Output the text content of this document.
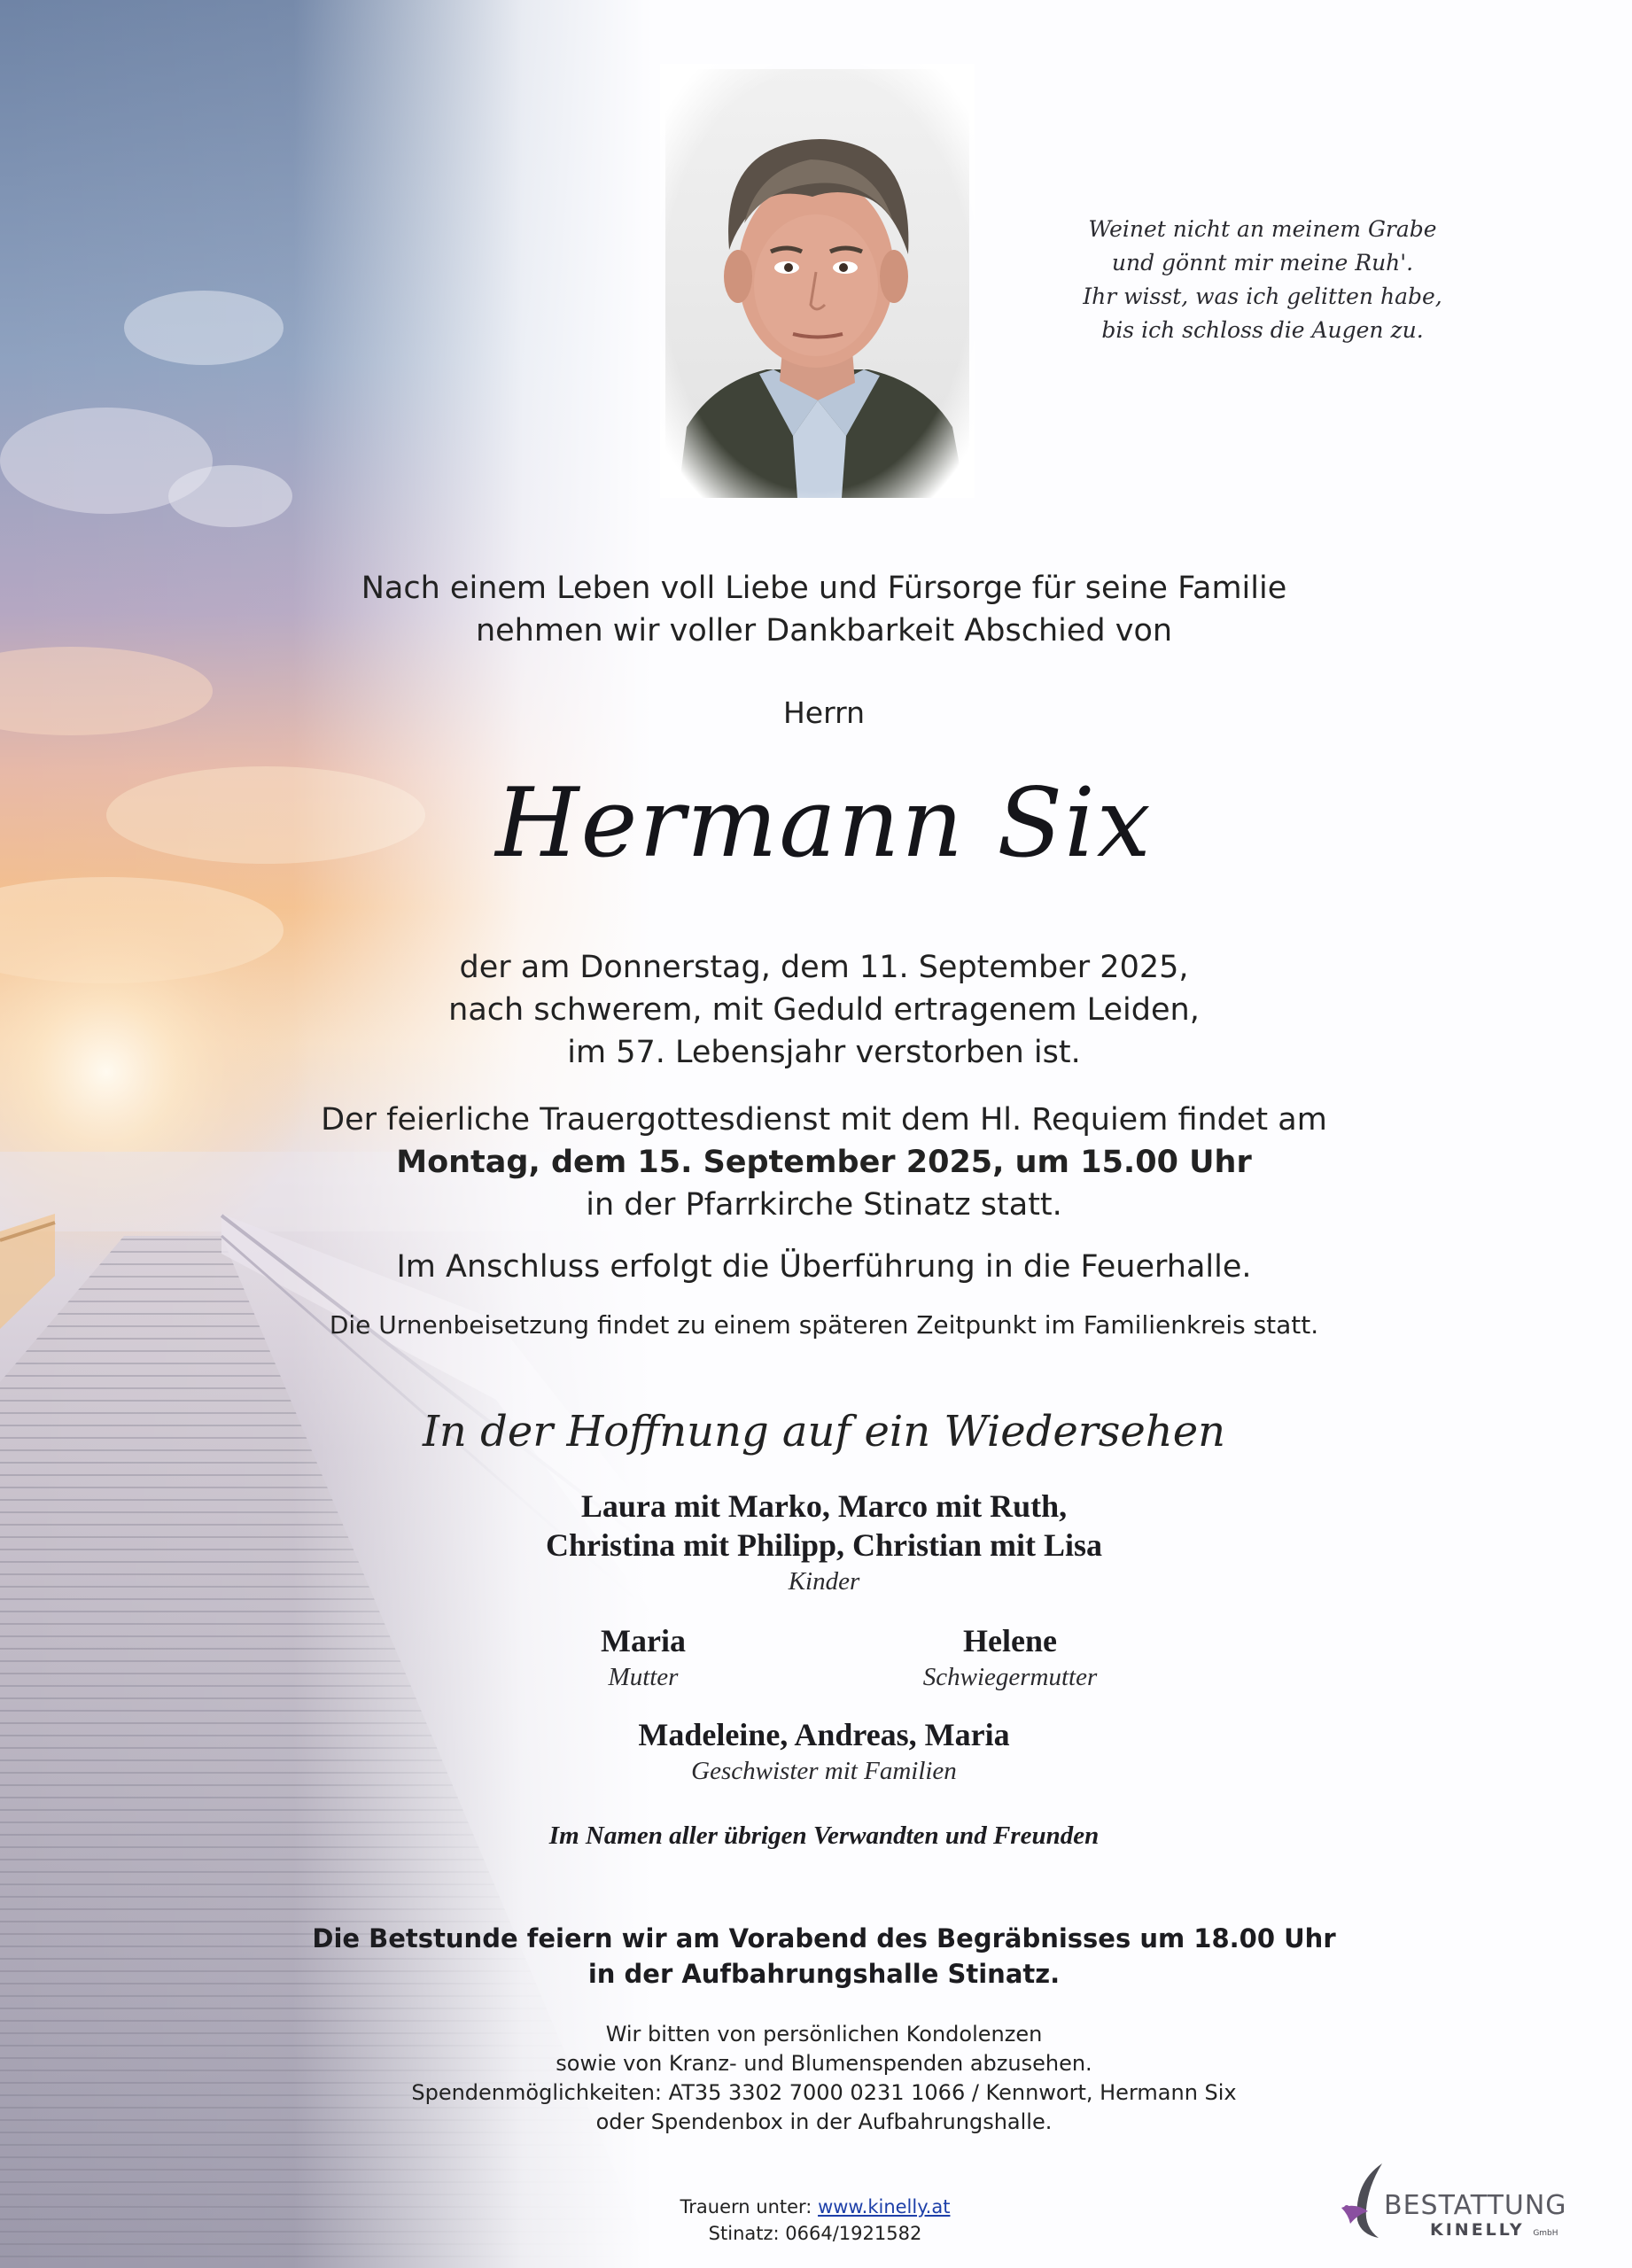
Weinet nicht an meinem Grabe
und gönnt mir meine Ruh'.
Ihr wisst, was ich gelitten habe,
bis ich schloss die Augen zu.
Nach einem Leben voll Liebe und Fürsorge für seine Familie
nehmen wir voller Dankbarkeit Abschied von
Herrn
Hermann Six
der am Donnerstag, dem 11. September 2025,
nach schwerem, mit Geduld ertragenem Leiden,
im 57. Lebensjahr verstorben ist.
Der feierliche Trauergottesdienst mit dem Hl. Requiem findet am
Montag, dem 15. September 2025, um 15.00 Uhr
in der Pfarrkirche Stinatz statt.
Im Anschluss erfolgt die Überführung in die Feuerhalle.
Die Urnenbeisetzung findet zu einem späteren Zeitpunkt im Familienkreis statt.
In der Hoffnung auf ein Wiedersehen
Laura mit Marko, Marco mit Ruth,
Christina mit Philipp, Christian mit Lisa
Kinder
Maria
Mutter
Helene
Schwiegermutter
Madeleine, Andreas, Maria
Geschwister mit Familien
Im Namen aller übrigen Verwandten und Freunden
Die Betstunde feiern wir am Vorabend des Begräbnisses um 18.00 Uhr
in der Aufbahrungshalle Stinatz.
Wir bitten von persönlichen Kondolenzen
sowie von Kranz- und Blumenspenden abzusehen.
Spendenmöglichkeiten: AT35 3302 7000 0231 1066 / Kennwort, Hermann Six
oder Spendenbox in der Aufbahrungshalle.
Trauern unter: www.kinelly.at
Stinatz: 0664/1921582
BESTATTUNG
KINELLY GmbH
